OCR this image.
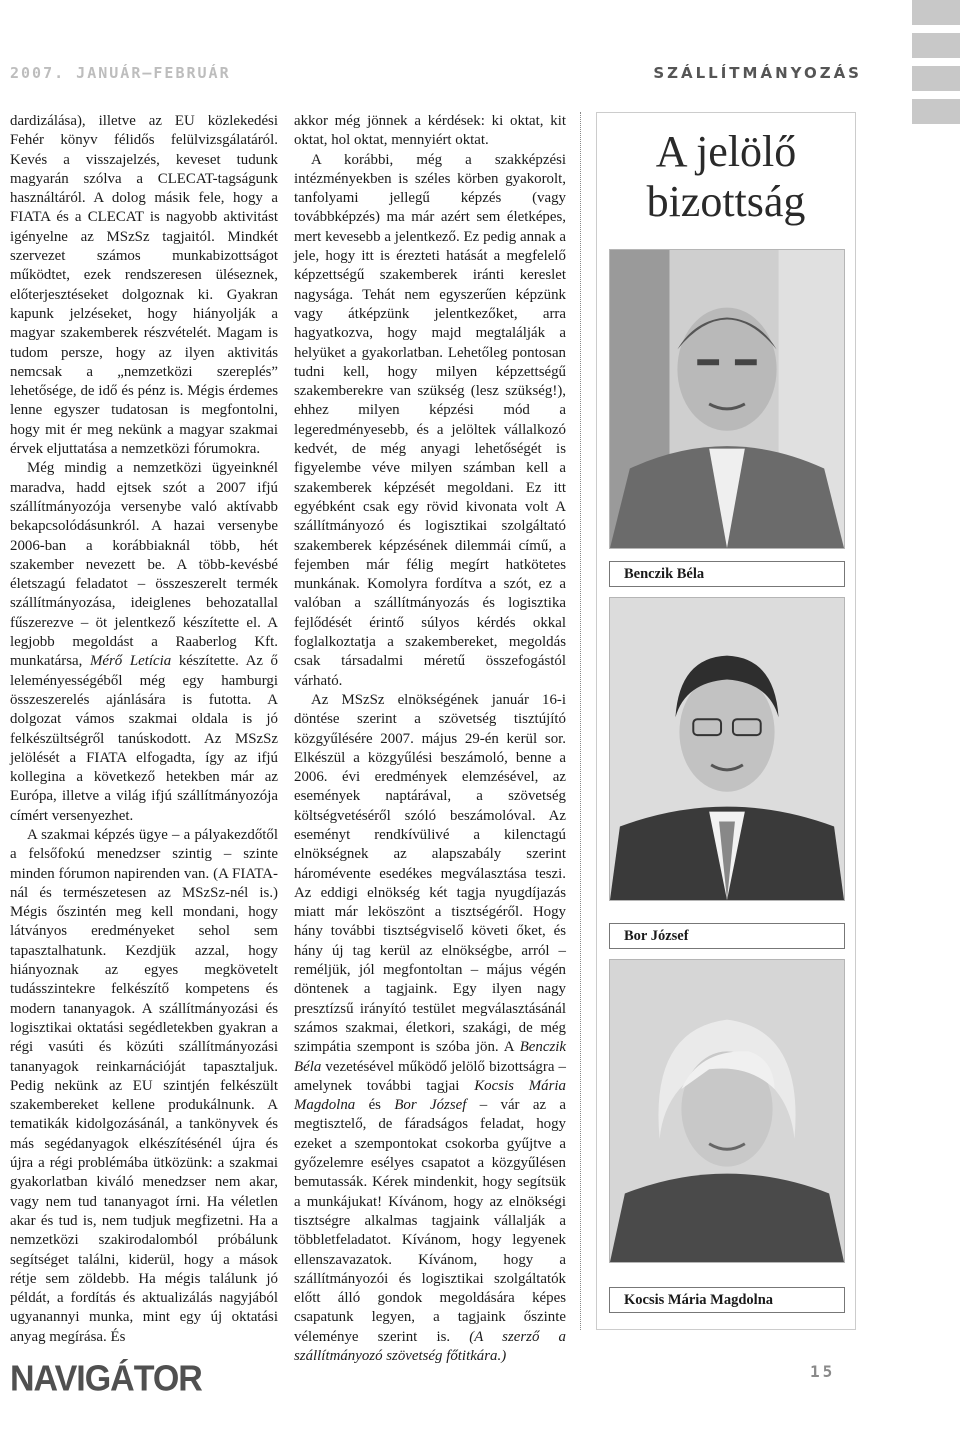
2007. JANUÁR–FEBRUÁR	SZÁLLÍTMÁNYOZÁS

dardizálása), illetve az EU közlekedési Fehér könyv félidős felülvizsgálatáról. Kevés a visszajelzés, keveset tudunk magyarán szólva a CLECAT-tagságunk használtáról. A dolog másik fele, hogy a FIATA és a CLECAT is nagyobb aktivitást igényelne az MSzSz tagjaitól. Mindkét szervezet számos munkabizottságot működtet, ezek rendszeresen üléseznek, előterjesztéseket dolgoznak ki. Gyakran kapunk jelzéseket, hogy hiányolják a magyar szakemberek részvételét. Magam is tudom persze, hogy az ilyen aktivitás nemcsak a „nemzetközi szereplés” lehetősége, de idő és pénz is. Mégis érdemes lenne egyszer tudatosan is megfontolni, hogy mit ér meg nekünk a magyar szakmai érvek eljuttatása a nemzetközi fórumokra.

Még mindig a nemzetközi ügyeinknél maradva, hadd ejtsek szót a 2007 ifjú szállítmányozója versenybe való aktívabb bekapcsolódásunkról. A hazai versenybe 2006-ban a korábbiaknál több, hét szakember nevezett be. A több-kevésbé életszagú feladatot – összeszerelt termék szállítmányozása, ideiglenes behozatallal fűszerezve – öt jelentkező készítette el. A legjobb megoldást a Raaberlog Kft. munkatársa, Mérő Letícia készítette. Az ő leleményességéből még egy hamburgi összeszerelés ajánlására is futotta. A dolgozat vámos szakmai oldala is jó felkészültségről tanúskodott. Az MSzSz jelölését a FIATA elfogadta, így az ifjú kollegina a következő hetekben már az Európa, illetve a világ ifjú szállítmányozója címért versenyezhet.

A szakmai képzés ügye – a pályakezdőtől a felsőfokú menedzser szintig – szinte minden fórumon napirenden van. (A FIATA-nál és természetesen az MSzSz-nél is.) Mégis őszintén meg kell mondani, hogy látványos eredményeket sehol sem tapasztalhatunk. Kezdjük azzal, hogy hiányoznak az egyes megkövetelt tudásszintekre felkészítő kompetens és modern tananyagok. A szállítmányozási és logisztikai oktatási segédletekben gyakran a régi vasúti és közúti szállítmányozási tananyagok reinkarnációját tapasztaljuk. Pedig nekünk az EU szintjén felkészült szakembereket kellene produkálnunk. A tematikák kidolgozásánál, a tankönyvek és más segédanyagok elkészítésénél újra és újra a régi problémába ütközünk: a szakmai gyakorlatban kiváló menedzser nem akar, vagy nem tud tananyagot írni. Ha véletlen akar és tud is, nem tudjuk megfizetni. Ha a nemzetközi szakirodalomból próbálunk segítséget találni, kiderül, hogy a mások rétje sem zöldebb. Ha mégis találunk jó példát, a fordítás és aktualizálás nagyjából ugyanannyi munka, mint egy új oktatási anyag megírása. És

akkor még jönnek a kérdések: ki oktat, kit oktat, hol oktat, mennyiért oktat.

A korábbi, még a szakképzési intézményekben is széles körben gyakorolt, tanfolyami jellegű képzés (vagy továbbképzés) ma már azért sem életképes, mert kevesebb a jelentkező. Ez pedig annak a jele, hogy itt is érezteti hatását a megfelelő képzettségű szakemberek iránti kereslet nagysága. Tehát nem egyszerűen képzünk vagy átképzünk jelentkezőket, arra hagyatkozva, hogy majd megtalálják a helyüket a gyakorlatban. Lehetőleg pontosan tudni kell, hogy milyen képzettségű szakemberekre van szükség (lesz szükség!), ehhez milyen képzési mód a legeredményesebb, és a jelöltek vállalkozó kedvét, de még anyagi lehetőségét is figyelembe véve milyen számban kell a szakemberek képzését megoldani. Ez itt egyébként csak egy rövid kivonata volt A szállítmányozó és logisztikai szolgáltató szakemberek képzésének dilemmái című, a fejemben már félig megírt hatkötetes munkának. Komolyra fordítva a szót, ez a valóban a szállítmányozás és logisztika fejlődését érintő súlyos kérdés okkal foglalkoztatja a szakembereket, megoldás csak társadalmi méretű összefogástól várható.

Az MSzSz elnökségének január 16-i döntése szerint a szövetség tisztújító közgyűlésére 2007. május 29-én kerül sor. Elkészül a közgyűlési beszámoló, benne a 2006. évi eredmények elemzésével, az események naptárával, a szövetség költségvetéséről szóló beszámolóval. Az eseményt rendkívülivé a kilenctagú elnökségnek az alapszabály szerint háromévente esedékes megválasztása teszi. Az eddigi elnökség két tagja nyugdíjazás miatt már leköszönt a tisztségéről. Hogy hány további tisztségviselő követi őket, és hány új tag kerül az elnökségbe, arról – reméljük, jól megfontoltan – május végén döntenek a tagjaink. Egy ilyen nagy presztízsű irányító testület megválasztásánál számos szakmai, életkori, szakági, de még szimpátia szempont is szóba jön. A Benczik Béla vezetésével működő jelölő bizottságra – amelynek további tagjai Kocsis Mária Magdolna és Bor József – vár az a megtisztelő, de fáradságos feladat, hogy ezeket a szempontokat csokorba gyűjtve a győzelemre esélyes csapatot a közgyűlésen bemutassák. Kérek mindenkit, hogy segítsük a munkájukat! Kívánom, hogy az elnökségi tisztségre alkalmas tagjaink vállalják a többletfeladatot. Kívánom, hogy legyenek ellenszavazatok. Kívánom, hogy a szállítmányozói és logisztikai szolgáltatók előtt álló gondok megoldására képes csapatunk legyen, a tagjaink őszinte véleménye szerint is. (A szerző a szállítmányozó szövetség főtitkára.)

A jelölő
bizottság
Benczik Béla
Bor József
Kocsis Mária Magdolna
NAVIGÁTOR	15
